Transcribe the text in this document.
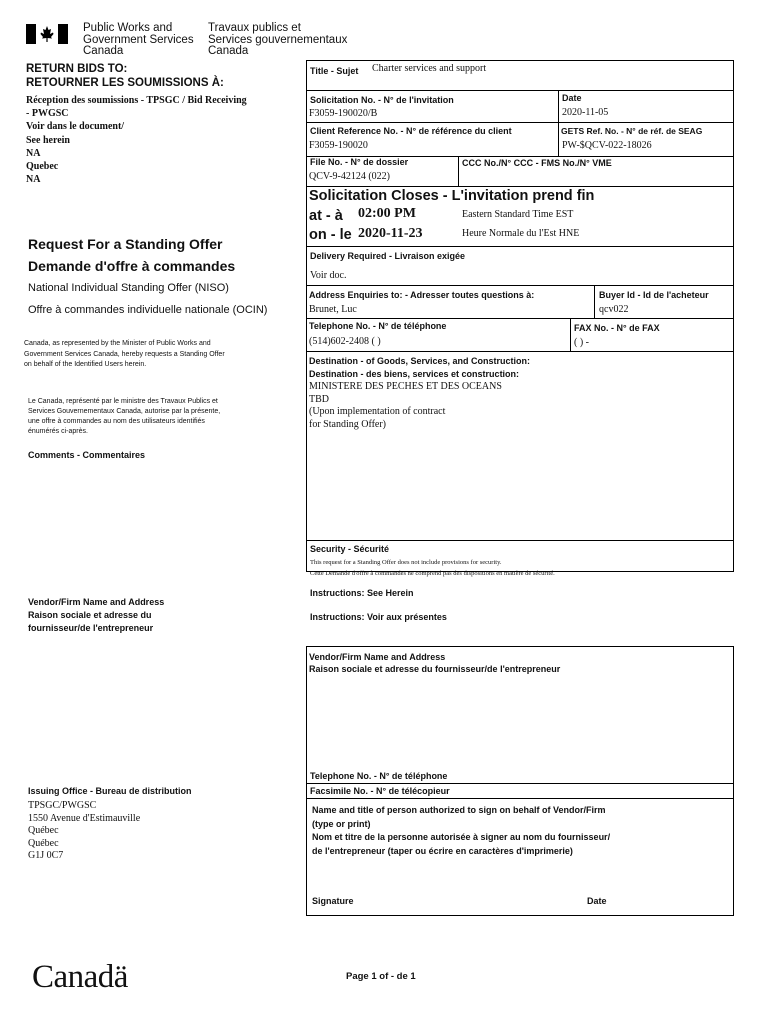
Public Works and
Government Services
Canada
Travaux publics et
Services gouvernementaux
Canada
RETURN BIDS TO:
RETOURNER LES SOUMISSIONS À:
Réception des soumissions - TPSGC / Bid Receiving
- PWGSC
Voir dans le document/
See herein
NA
Quebec
NA
Request For a Standing Offer
Demande d'offre à commandes
National Individual Standing Offer (NISO)
Offre à commandes individuelle nationale (OCIN)
Canada, as represented by the Minister of Public Works and
Government Services Canada, hereby requests a Standing Offer
on behalf of the Identified Users herein.
Le Canada, représenté par le ministre des Travaux Publics et
Services Gouvernementaux Canada, autorise par la présente,
une offre à commandes au nom des utilisateurs identifiés
énumérés ci-après.
Comments - Commentaires
Vendor/Firm Name and Address
Raison sociale et adresse du
fournisseur/de l'entrepreneur
Issuing Office - Bureau de distribution
TPSGC/PWGSC
1550 Avenue d'Estimauville
Québec
Québec
G1J 0C7
Title - Sujet Charter services and support
Solicitation No. - N° de l'invitation
F3059-190020/B
Date
2020-11-05
Client Reference No. - N° de référence du client
F3059-190020
GETS Ref. No. - N° de réf. de SEAG
PW-$QCV-022-18026
File No. - N° de dossier
QCV-9-42124 (022)
CCC No./N° CCC - FMS No./N° VME
Solicitation Closes - L'invitation prend fin
at - à 02:00 PM	Eastern Standard Time EST
on - le 2020-11-23	Heure Normale du l'Est HNE
Delivery Required - Livraison exigée
Voir doc.
Address Enquiries to: - Adresser toutes questions à:
Brunet, Luc
Buyer Id - Id de l'acheteur
qcv022
Telephone No. - N° de téléphone
(514)602-2408 ( )
FAX No. - N° de FAX
( ) -
Destination - of Goods, Services, and Construction:
Destination - des biens, services et construction:
MINISTERE DES PECHES ET DES OCEANS
TBD
(Upon implementation of contract
for Standing Offer)
Security - Sécurité
This request for a Standing Offer does not include provisions for security.
Cette Demande d'offre à commandes ne comprend pas des dispositions en matière de sécurité.
Instructions: See Herein
Instructions: Voir aux présentes
Vendor/Firm Name and Address
Raison sociale et adresse du fournisseur/de l'entrepreneur
Telephone No. - N° de téléphone
Facsimile No. - N° de télécopieur
Name and title of person authorized to sign on behalf of Vendor/Firm
(type or print)
Nom et titre de la personne autorisée à signer au nom du fournisseur/
de l'entrepreneur (taper ou écrire en caractères d'imprimerie)
Signature	Date
Canadä	Page 1 of - de 1
